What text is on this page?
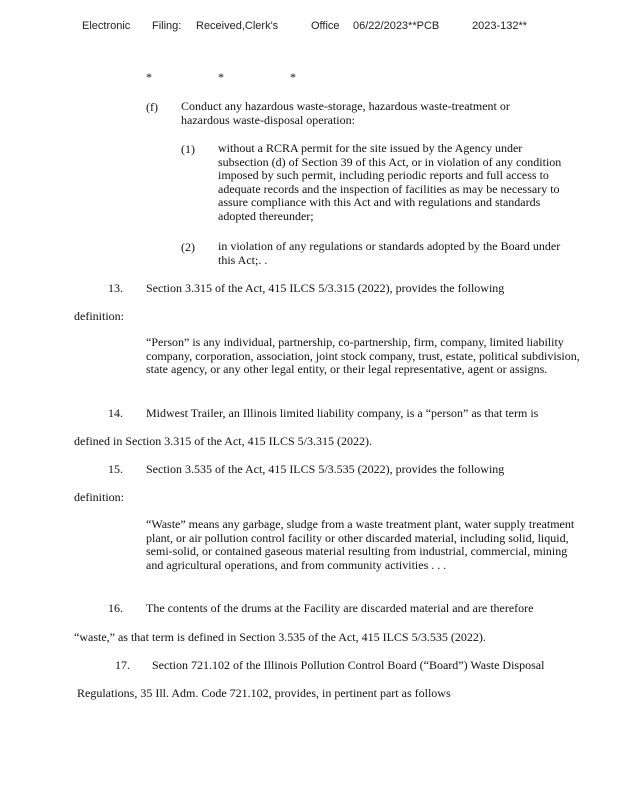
Electronic Filing: Received,Clerk's	Office 06/22/2023**PCB	2023-132**
*	*	*
(f) Conduct any hazardous waste-storage, hazardous waste-treatment or hazardous waste-disposal operation:
(1) without a RCRA permit for the site issued by the Agency under subsection (d) of Section 39 of this Act, or in violation of any condition imposed by such permit, including periodic reports and full access to adequate records and the inspection of facilities as may be necessary to assure compliance with this Act and with regulations and standards adopted thereunder;
(2) in violation of any regulations or standards adopted by the Board under this Act;. .
13. Section 3.315 of the Act, 415 ILCS 5/3.315 (2022), provides the following
definition:
“Person” is any individual, partnership, co-partnership, firm, company, limited liability company, corporation, association, joint stock company, trust, estate, political subdivision, state agency, or any other legal entity, or their legal representative, agent or assigns.
14. Midwest Trailer, an Illinois limited liability company, is a “person” as that term is
defined in Section 3.315 of the Act, 415 ILCS 5/3.315 (2022).
15. Section 3.535 of the Act, 415 ILCS 5/3.535 (2022), provides the following
definition:
“Waste” means any garbage, sludge from a waste treatment plant, water supply treatment plant, or air pollution control facility or other discarded material, including solid, liquid, semi-solid, or contained gaseous material resulting from industrial, commercial, mining and agricultural operations, and from community activities . . .
16. The contents of the drums at the Facility are discarded material and are therefore
“waste,” as that term is defined in Section 3.535 of the Act, 415 ILCS 5/3.535 (2022).
17. Section 721.102 of the Illinois Pollution Control Board (“Board”) Waste Disposal
Regulations, 35 Ill. Adm. Code 721.102, provides, in pertinent part as follows
